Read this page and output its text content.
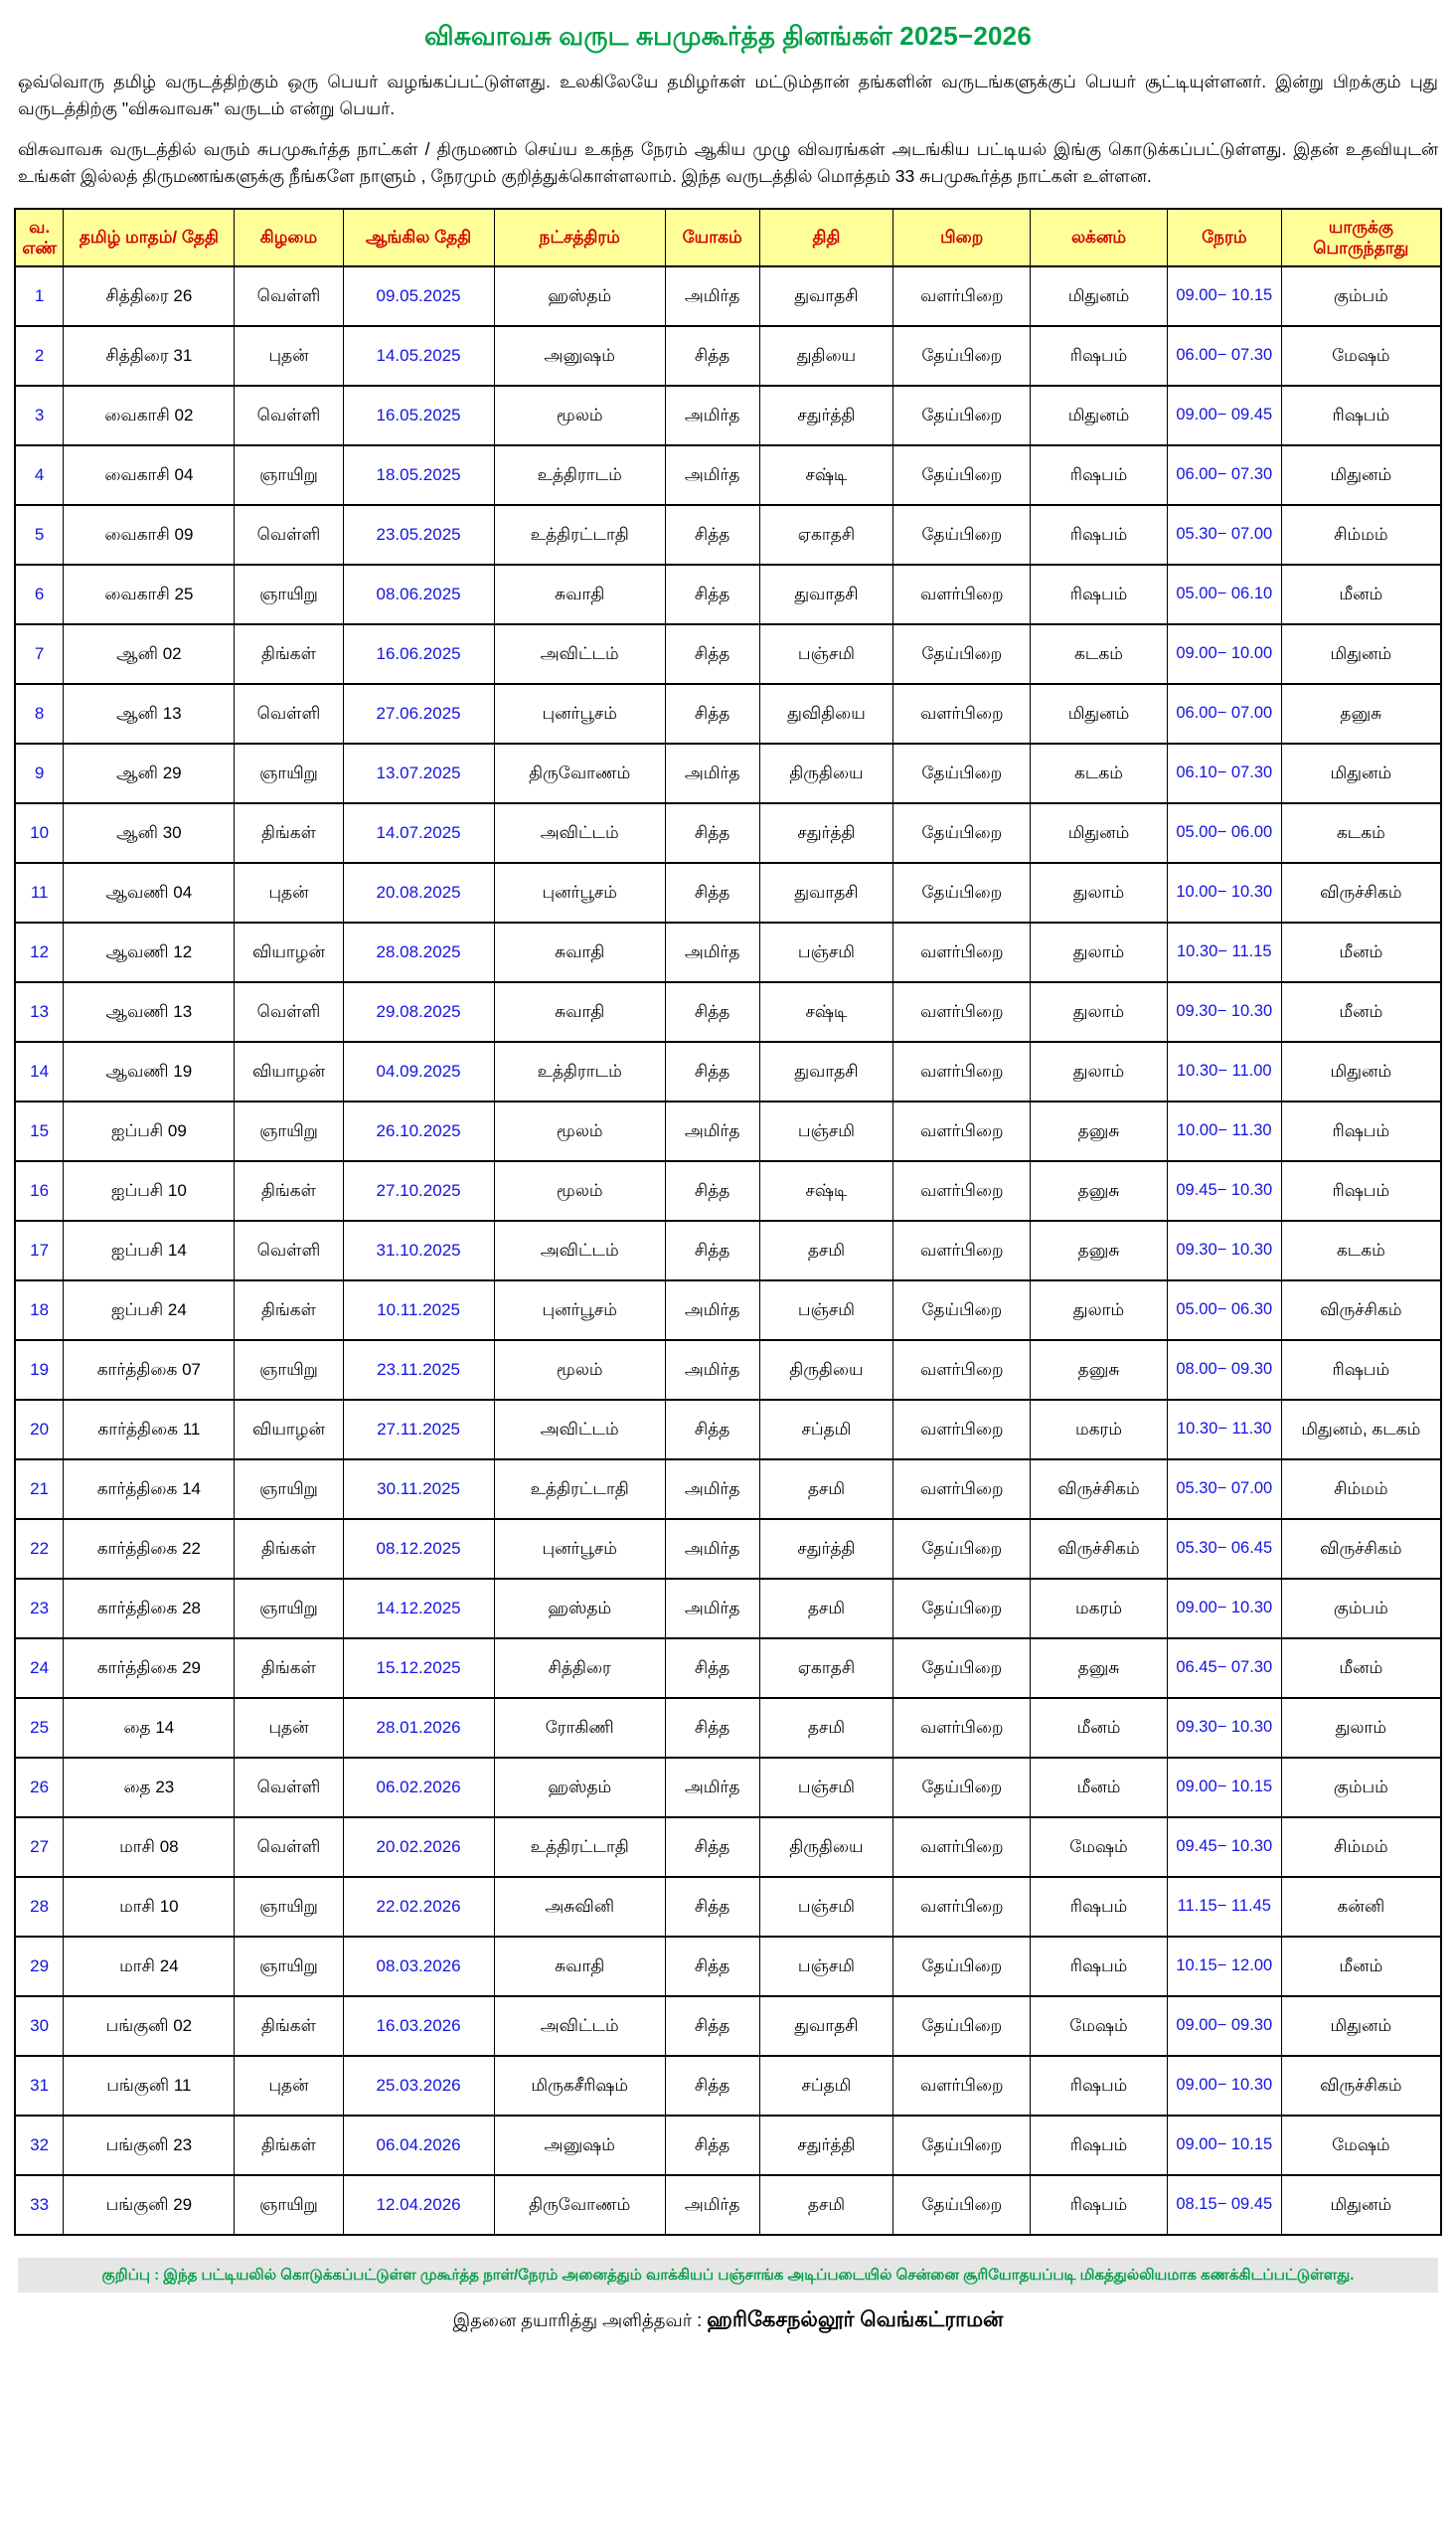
விசுவாவசு வருட சுபமுகூர்த்த தினங்கள் 2025−2026

ஒவ்வொரு தமிழ் வருடத்திற்கும் ஒரு பெயர் வழங்கப்பட்டுள்ளது. உலகிலேயே தமிழர்கள் மட்டும்தான் தங்களின் வருடங்களுக்குப் பெயர் சூட்டியுள்ளனர். இன்று பிறக்கும் புது வருடத்திற்கு "விசுவாவசு" வருடம் என்று பெயர்.

விசுவாவசு வருடத்தில் வரும் சுபமுகூர்த்த நாட்கள் / திருமணம் செய்ய உகந்த நேரம் ஆகிய முழு விவரங்கள் அடங்கிய பட்டியல் இங்கு கொடுக்கப்பட்டுள்ளது. இதன் உதவியுடன் உங்கள் இல்லத் திருமணங்களுக்கு நீங்களே நாளும் , நேரமும் குறித்துக்கொள்ளலாம். இந்த வருடத்தில் மொத்தம் 33 சுபமுகூர்த்த நாட்கள் உள்ளன.

வ. எண்	தமிழ் மாதம்/ தேதி	கிழமை	ஆங்கில தேதி	நட்சத்திரம்	யோகம்	திதி	பிறை	லக்னம்	நேரம்	யாருக்கு பொருந்தாது
1	சித்திரை 26	வெள்ளி	09.05.2025	ஹஸ்தம்	அமிர்த	துவாதசி	வளர்பிறை	மிதுனம்	09.00− 10.15	கும்பம்
2	சித்திரை 31	புதன்	14.05.2025	அனுஷம்	சித்த	துதியை	தேய்பிறை	ரிஷபம்	06.00− 07.30	மேஷம்
3	வைகாசி 02	வெள்ளி	16.05.2025	மூலம்	அமிர்த	சதுர்த்தி	தேய்பிறை	மிதுனம்	09.00− 09.45	ரிஷபம்
4	வைகாசி 04	ஞாயிறு	18.05.2025	உத்திராடம்	அமிர்த	சஷ்டி	தேய்பிறை	ரிஷபம்	06.00− 07.30	மிதுனம்
5	வைகாசி 09	வெள்ளி	23.05.2025	உத்திரட்டாதி	சித்த	ஏகாதசி	தேய்பிறை	ரிஷபம்	05.30− 07.00	சிம்மம்
6	வைகாசி 25	ஞாயிறு	08.06.2025	சுவாதி	சித்த	துவாதசி	வளர்பிறை	ரிஷபம்	05.00− 06.10	மீனம்
7	ஆனி 02	திங்கள்	16.06.2025	அவிட்டம்	சித்த	பஞ்சமி	தேய்பிறை	கடகம்	09.00− 10.00	மிதுனம்
8	ஆனி 13	வெள்ளி	27.06.2025	புனர்பூசம்	சித்த	துவிதியை	வளர்பிறை	மிதுனம்	06.00− 07.00	தனுசு
9	ஆனி 29	ஞாயிறு	13.07.2025	திருவோணம்	அமிர்த	திருதியை	தேய்பிறை	கடகம்	06.10− 07.30	மிதுனம்
10	ஆனி 30	திங்கள்	14.07.2025	அவிட்டம்	சித்த	சதுர்த்தி	தேய்பிறை	மிதுனம்	05.00− 06.00	கடகம்
11	ஆவணி 04	புதன்	20.08.2025	புனர்பூசம்	சித்த	துவாதசி	தேய்பிறை	துலாம்	10.00− 10.30	விருச்சிகம்
12	ஆவணி 12	வியாழன்	28.08.2025	சுவாதி	அமிர்த	பஞ்சமி	வளர்பிறை	துலாம்	10.30− 11.15	மீனம்
13	ஆவணி 13	வெள்ளி	29.08.2025	சுவாதி	சித்த	சஷ்டி	வளர்பிறை	துலாம்	09.30− 10.30	மீனம்
14	ஆவணி 19	வியாழன்	04.09.2025	உத்திராடம்	சித்த	துவாதசி	வளர்பிறை	துலாம்	10.30− 11.00	மிதுனம்
15	ஐப்பசி 09	ஞாயிறு	26.10.2025	மூலம்	அமிர்த	பஞ்சமி	வளர்பிறை	தனுசு	10.00− 11.30	ரிஷபம்
16	ஐப்பசி 10	திங்கள்	27.10.2025	மூலம்	சித்த	சஷ்டி	வளர்பிறை	தனுசு	09.45− 10.30	ரிஷபம்
17	ஐப்பசி 14	வெள்ளி	31.10.2025	அவிட்டம்	சித்த	தசமி	வளர்பிறை	தனுசு	09.30− 10.30	கடகம்
18	ஐப்பசி 24	திங்கள்	10.11.2025	புனர்பூசம்	அமிர்த	பஞ்சமி	தேய்பிறை	துலாம்	05.00− 06.30	விருச்சிகம்
19	கார்த்திகை 07	ஞாயிறு	23.11.2025	மூலம்	அமிர்த	திருதியை	வளர்பிறை	தனுசு	08.00− 09.30	ரிஷபம்
20	கார்த்திகை 11	வியாழன்	27.11.2025	அவிட்டம்	சித்த	சப்தமி	வளர்பிறை	மகரம்	10.30− 11.30	மிதுனம், கடகம்
21	கார்த்திகை 14	ஞாயிறு	30.11.2025	உத்திரட்டாதி	அமிர்த	தசமி	வளர்பிறை	விருச்சிகம்	05.30− 07.00	சிம்மம்
22	கார்த்திகை 22	திங்கள்	08.12.2025	புனர்பூசம்	அமிர்த	சதுர்த்தி	தேய்பிறை	விருச்சிகம்	05.30− 06.45	விருச்சிகம்
23	கார்த்திகை 28	ஞாயிறு	14.12.2025	ஹஸ்தம்	அமிர்த	தசமி	தேய்பிறை	மகரம்	09.00− 10.30	கும்பம்
24	கார்த்திகை 29	திங்கள்	15.12.2025	சித்திரை	சித்த	ஏகாதசி	தேய்பிறை	தனுசு	06.45− 07.30	மீனம்
25	தை 14	புதன்	28.01.2026	ரோகிணி	சித்த	தசமி	வளர்பிறை	மீனம்	09.30− 10.30	துலாம்
26	தை 23	வெள்ளி	06.02.2026	ஹஸ்தம்	அமிர்த	பஞ்சமி	தேய்பிறை	மீனம்	09.00− 10.15	கும்பம்
27	மாசி 08	வெள்ளி	20.02.2026	உத்திரட்டாதி	சித்த	திருதியை	வளர்பிறை	மேஷம்	09.45− 10.30	சிம்மம்
28	மாசி 10	ஞாயிறு	22.02.2026	அசுவினி	சித்த	பஞ்சமி	வளர்பிறை	ரிஷபம்	11.15− 11.45	கன்னி
29	மாசி 24	ஞாயிறு	08.03.2026	சுவாதி	சித்த	பஞ்சமி	தேய்பிறை	ரிஷபம்	10.15− 12.00	மீனம்
30	பங்குனி 02	திங்கள்	16.03.2026	அவிட்டம்	சித்த	துவாதசி	தேய்பிறை	மேஷம்	09.00− 09.30	மிதுனம்
31	பங்குனி 11	புதன்	25.03.2026	மிருகசீரிஷம்	சித்த	சப்தமி	வளர்பிறை	ரிஷபம்	09.00− 10.30	விருச்சிகம்
32	பங்குனி 23	திங்கள்	06.04.2026	அனுஷம்	சித்த	சதுர்த்தி	தேய்பிறை	ரிஷபம்	09.00− 10.15	மேஷம்
33	பங்குனி 29	ஞாயிறு	12.04.2026	திருவோணம்	அமிர்த	தசமி	தேய்பிறை	ரிஷபம்	08.15− 09.45	மிதுனம்
குறிப்பு : இந்த பட்டியலில் கொடுக்கப்பட்டுள்ள முகூர்த்த நாள்/நேரம் அனைத்தும் வாக்கியப் பஞ்சாங்க அடிப்படையில் சென்னை சூரியோதயப்படி மிகத்துல்லியமாக கணக்கிடப்பட்டுள்ளது.
இதனை தயாரித்து அளித்தவர் : ஹரிகேசநல்லூர் வெங்கட்ராமன்
